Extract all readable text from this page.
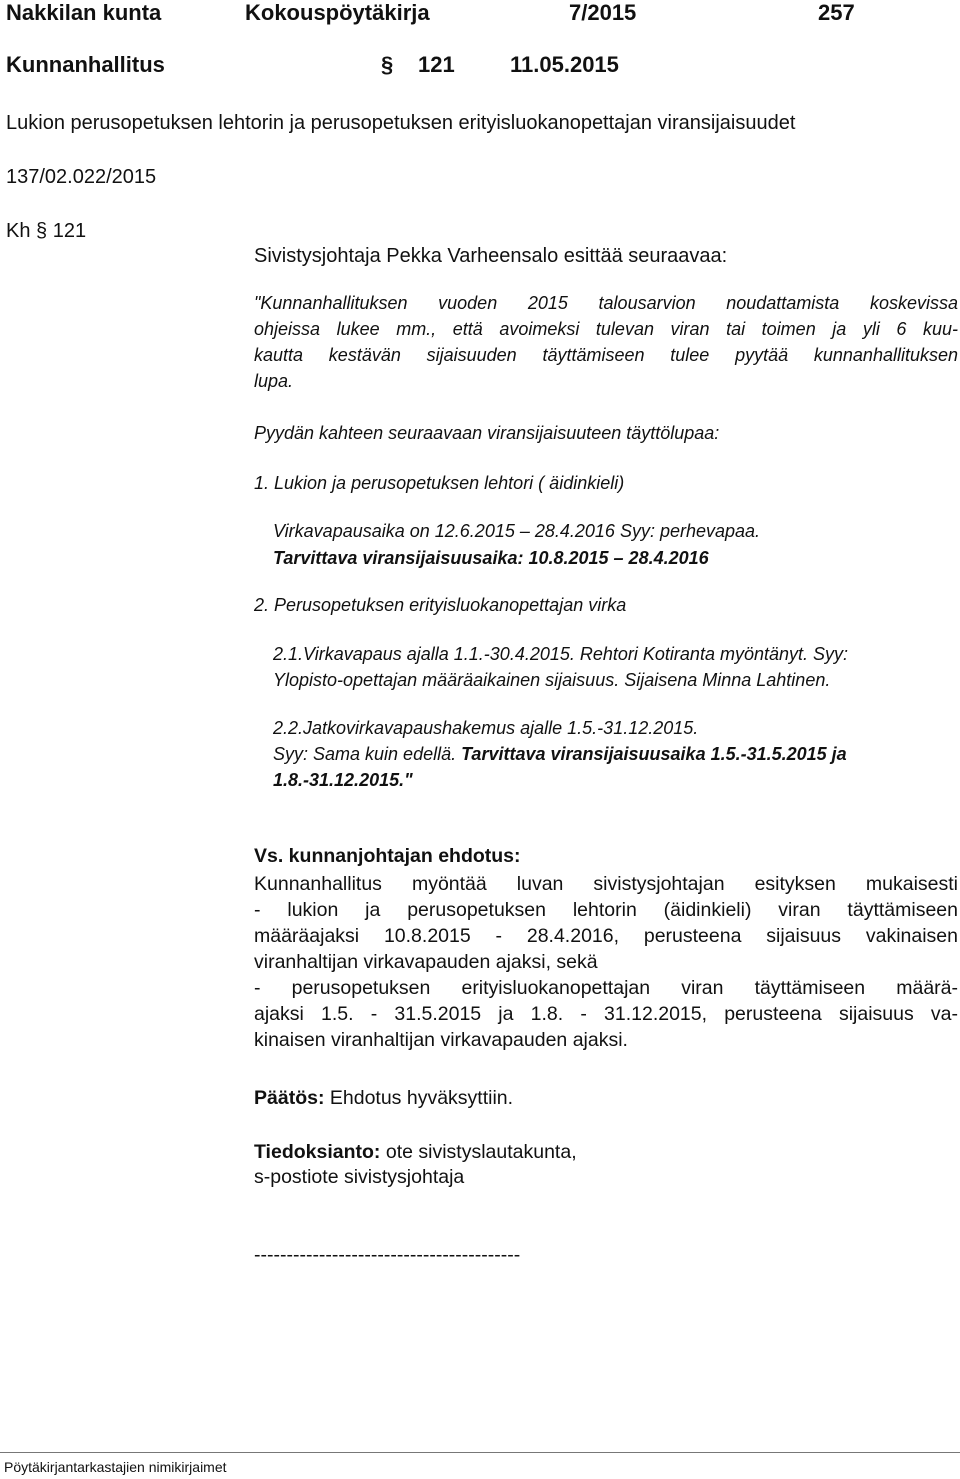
Nakkilan kunta	Kokouspöytäkirja	7/2015	257
Kunnanhallitus	§ 121	11.05.2015
Lukion perusopetuksen lehtorin ja perusopetuksen erityisluokanopettajan viransijaisuudet
137/02.022/2015
Kh § 121
Sivistysjohtaja Pekka Varheensalo esittää seuraavaa:
"Kunnanhallituksen vuoden 2015 talousarvion noudattamista koskevissa
ohjeissa lukee mm., että avoimeksi tulevan viran tai toimen ja yli 6 kuu-
kautta kestävän sijaisuuden täyttämiseen tulee pyytää kunnanhallituksen
lupa.
Pyydän kahteen seuraavaan viransijaisuuteen täyttölupaa:
1. Lukion ja perusopetuksen lehtori ( äidinkieli)
Virkavapausaika on 12.6.2015 – 28.4.2016 Syy: perhevapaa.
Tarvittava viransijaisuusaika: 10.8.2015 – 28.4.2016
2. Perusopetuksen erityisluokanopettajan virka
2.1.Virkavapaus ajalla 1.1.-30.4.2015. Rehtori Kotiranta myöntänyt. Syy:
Ylopisto-opettajan määräaikainen sijaisuus. Sijaisena Minna Lahtinen.
2.2.Jatkovirkavapaushakemus ajalle 1.5.-31.12.2015.
Syy: Sama kuin edellä. Tarvittava viransijaisuusaika 1.5.-31.5.2015 ja
1.8.-31.12.2015."
Vs. kunnanjohtajan ehdotus:
Kunnanhallitus myöntää luvan sivistysjohtajan esityksen mukaisesti
- lukion ja perusopetuksen lehtorin (äidinkieli) viran täyttämiseen
määräajaksi 10.8.2015 - 28.4.2016, perusteena sijaisuus vakinaisen
viranhaltijan virkavapauden ajaksi, sekä
- perusopetuksen erityisluokanopettajan viran täyttämiseen määrä-
ajaksi 1.5. - 31.5.2015 ja 1.8. - 31.12.2015, perusteena sijaisuus va-
kinaisen viranhaltijan virkavapauden ajaksi.
Päätös: Ehdotus hyväksyttiin.
Tiedoksianto: ote sivistyslautakunta,
s-postiote sivistysjohtaja
-----------------------------------------
Pöytäkirjantarkastajien nimikirjaimet
